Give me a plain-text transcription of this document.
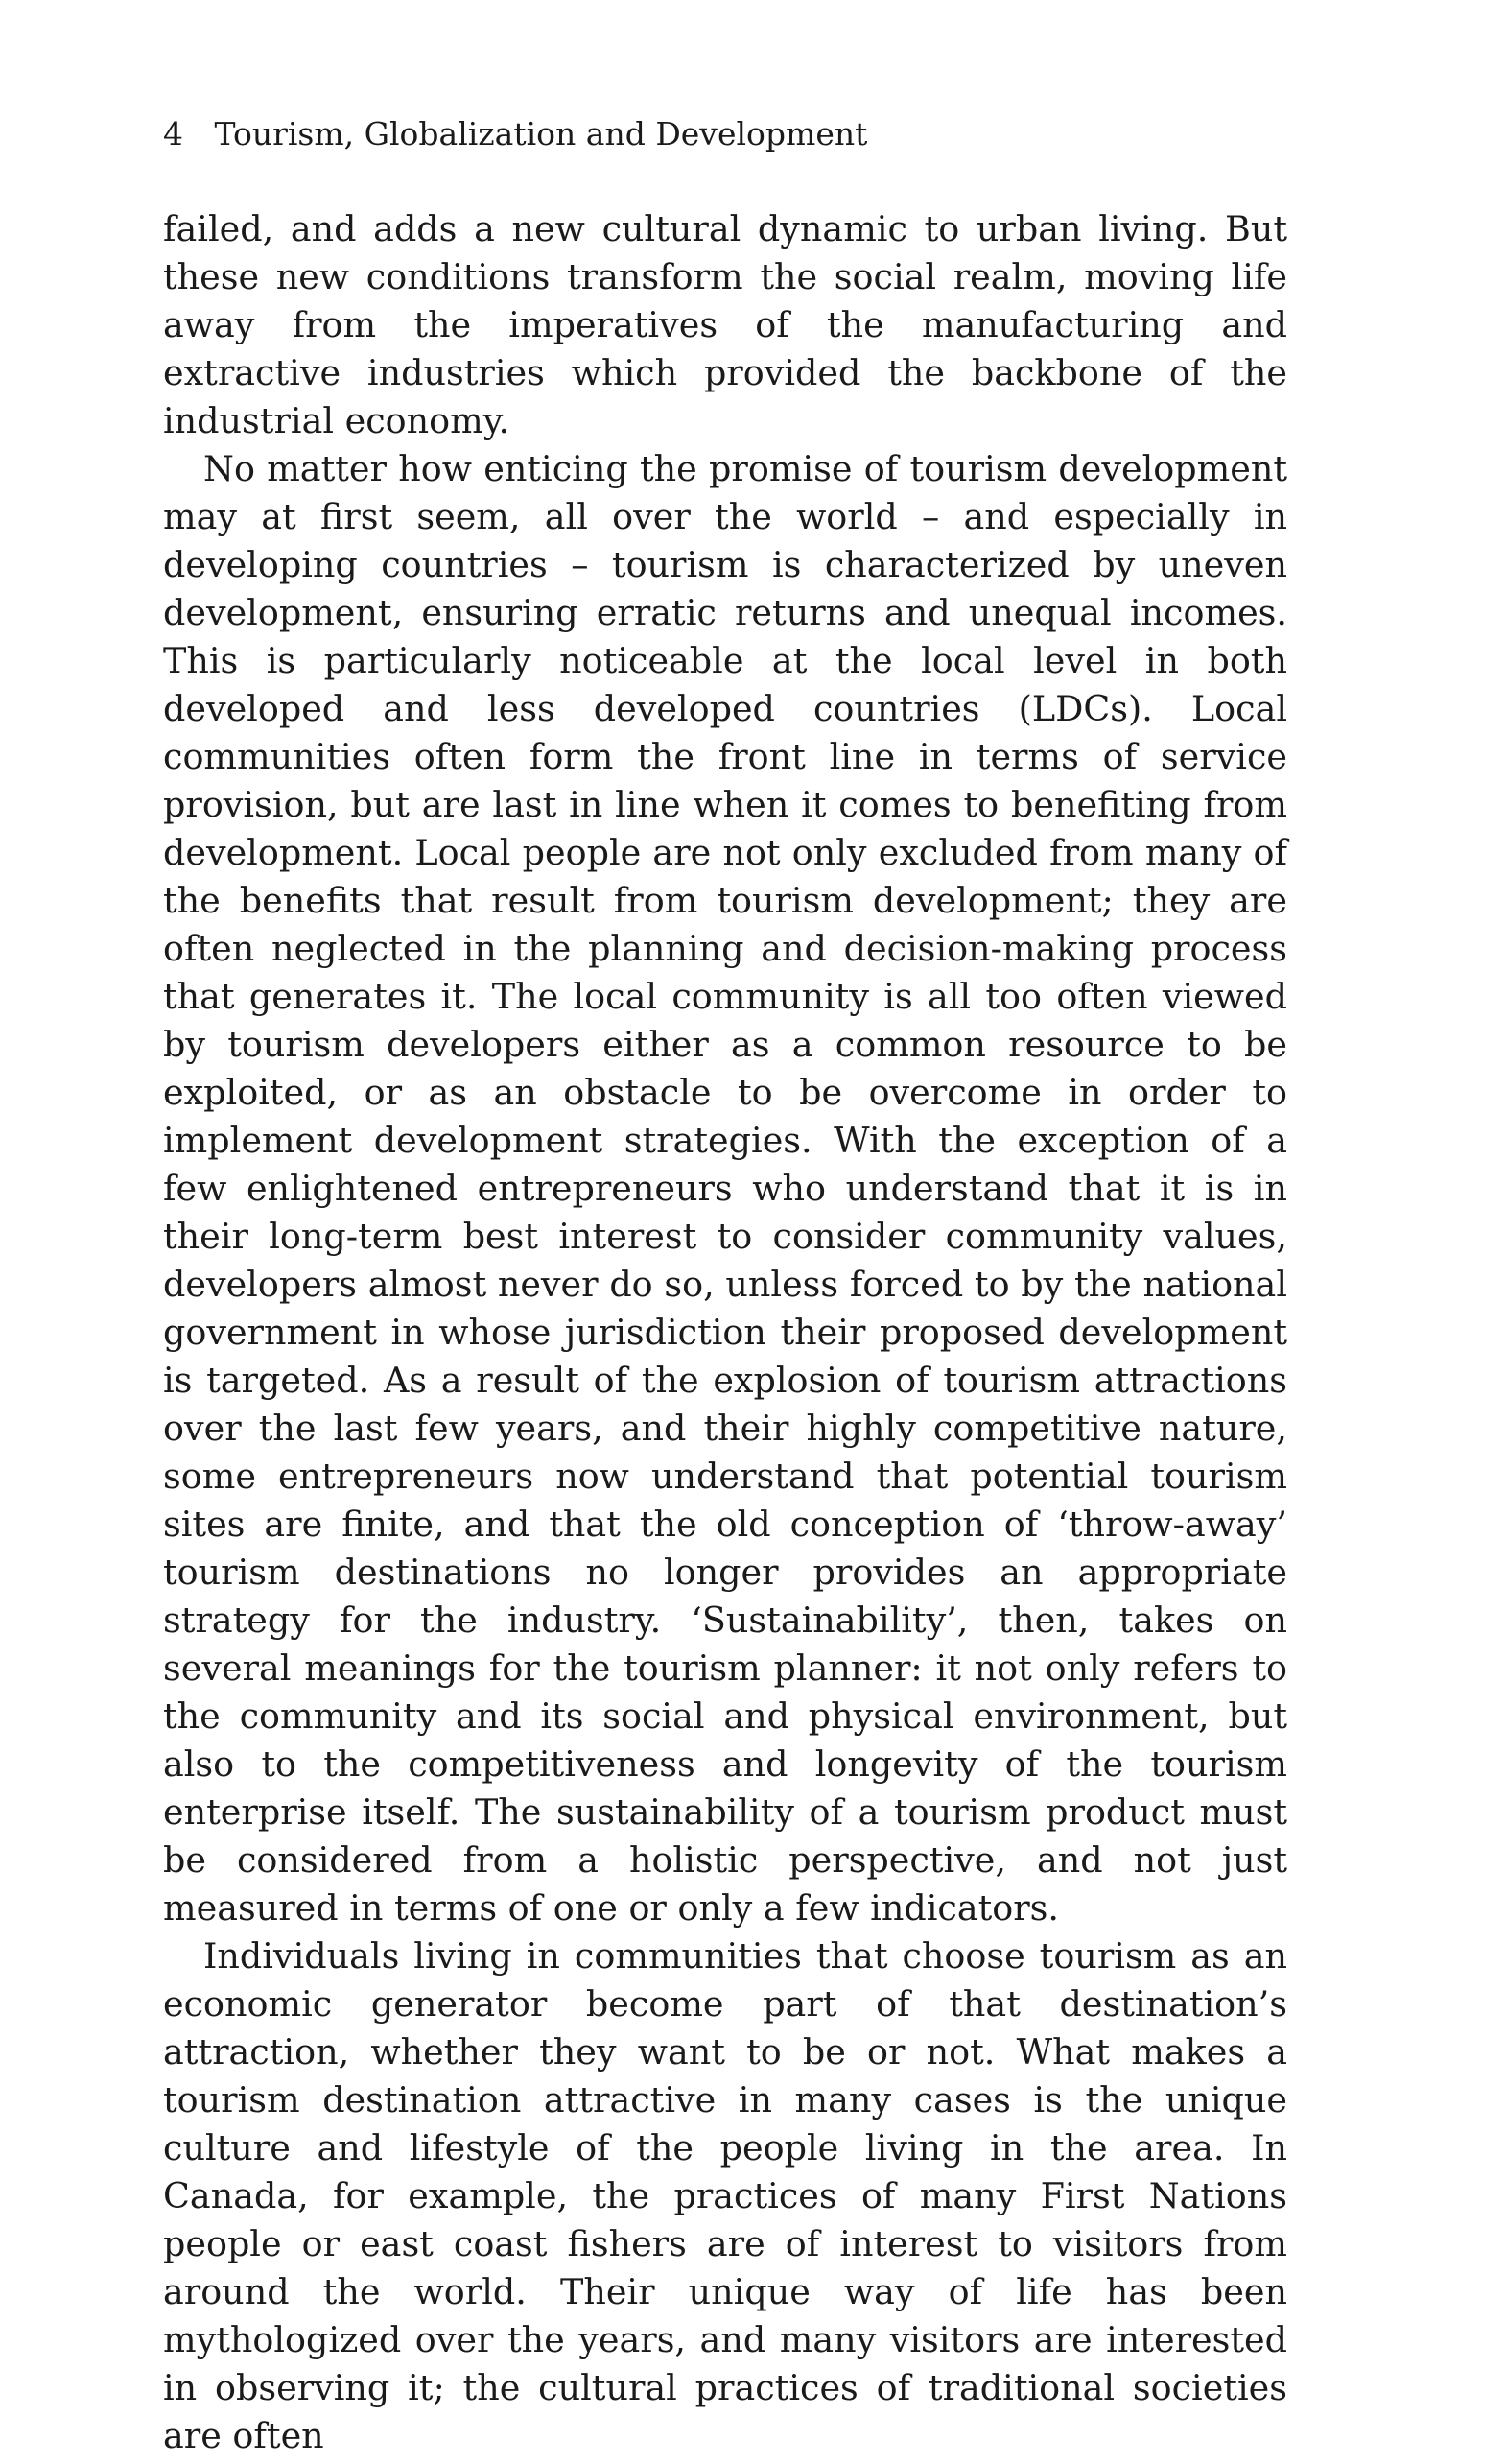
4 Tourism, Globalization and Development

failed, and adds a new cultural dynamic to urban living. But these new conditions transform the social realm, moving life away from the imperatives of the manufacturing and extractive industries which provided the backbone of the industrial economy.

No matter how enticing the promise of tourism development may at first seem, all over the world – and especially in developing countries – tourism is characterized by uneven development, ensuring erratic returns and unequal incomes. This is particularly noticeable at the local level in both developed and less developed countries (LDCs). Local communities often form the front line in terms of service provision, but are last in line when it comes to benefiting from development. Local people are not only excluded from many of the benefits that result from tourism development; they are often neglected in the planning and decision-making process that generates it. The local community is all too often viewed by tourism developers either as a common resource to be exploited, or as an obstacle to be overcome in order to implement development strategies. With the exception of a few enlightened entrepreneurs who understand that it is in their long-term best interest to consider community values, developers almost never do so, unless forced to by the national government in whose jurisdiction their proposed development is targeted. As a result of the explosion of tourism attractions over the last few years, and their highly competitive nature, some entrepreneurs now understand that potential tourism sites are finite, and that the old conception of ‘throw-away’ tourism destinations no longer provides an appropriate strategy for the industry. ‘Sustainability’, then, takes on several meanings for the tourism planner: it not only refers to the community and its social and physical environment, but also to the competitiveness and longevity of the tourism enterprise itself. The sustainability of a tourism product must be considered from a holistic perspective, and not just measured in terms of one or only a few indicators.

Individuals living in communities that choose tourism as an economic generator become part of that destination’s attraction, whether they want to be or not. What makes a tourism destination attractive in many cases is the unique culture and lifestyle of the people living in the area. In Canada, for example, the practices of many First Nations people or east coast fishers are of interest to visitors from around the world. Their unique way of life has been mythologized over the years, and many visitors are interested in observing it; the cultural practices of traditional societies are often
